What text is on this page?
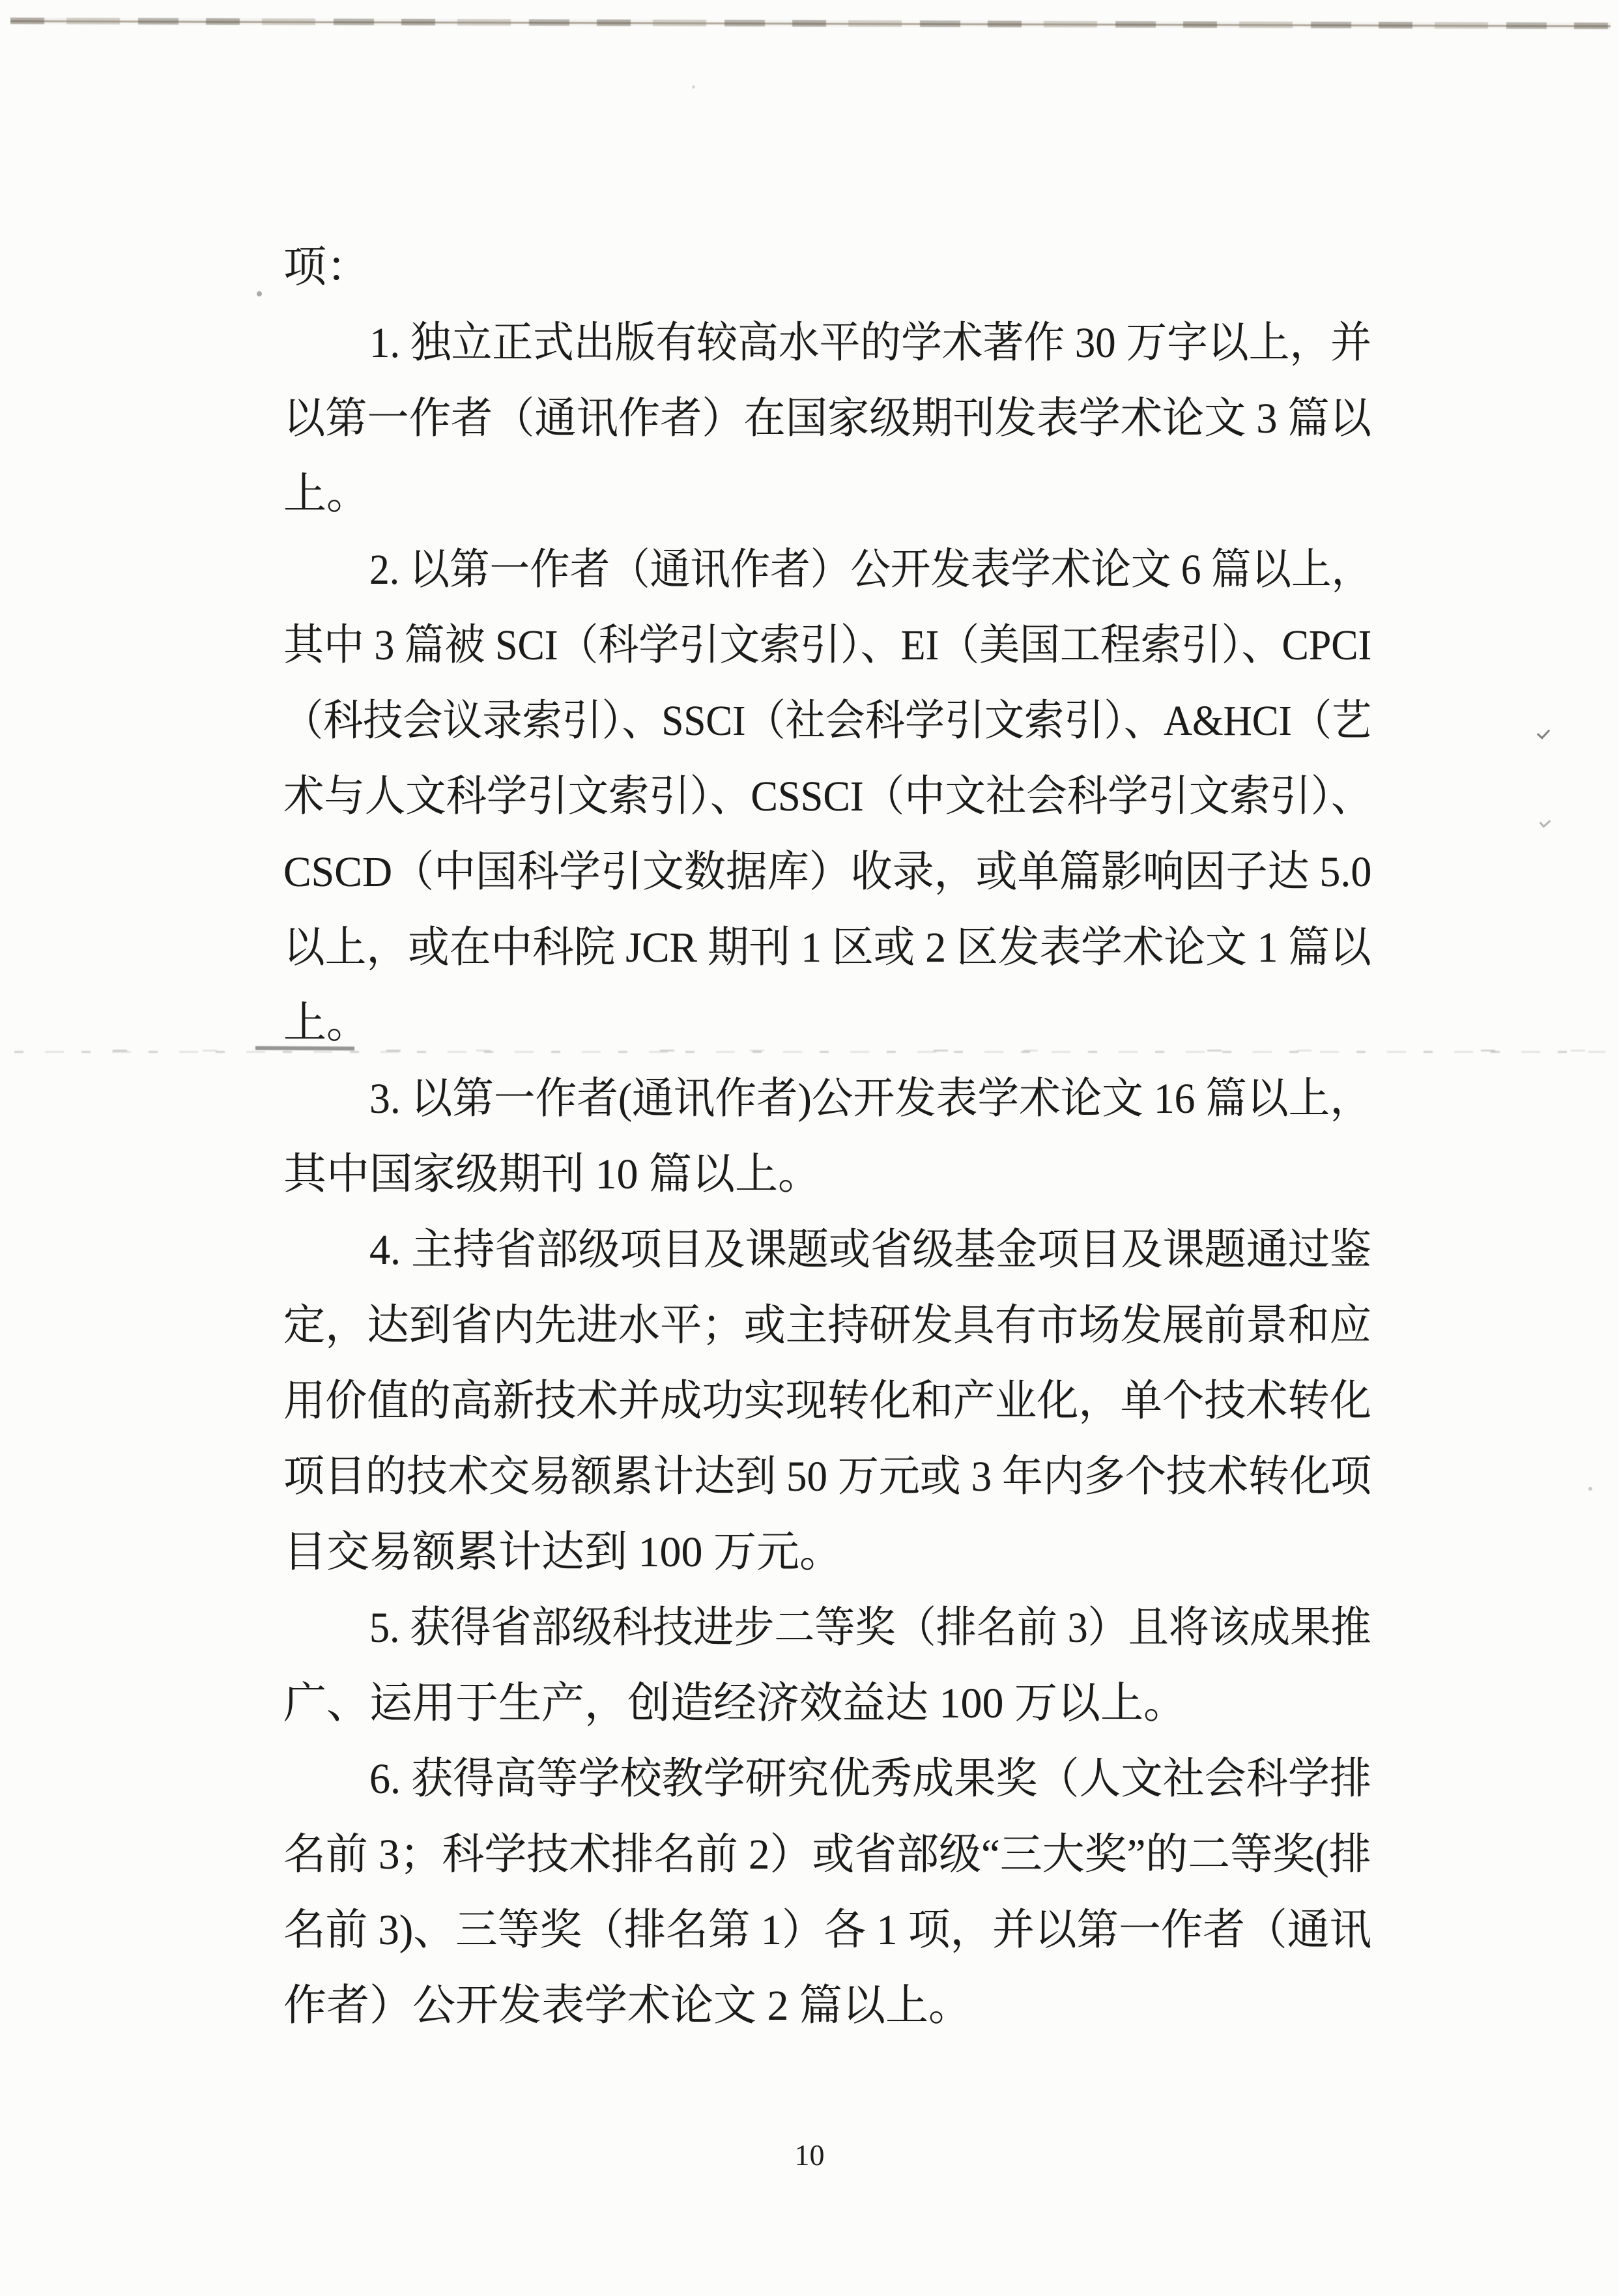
项：
1. 独立正式出版有较高水平的学术著作 30 万字以上，并
以第一作者（通讯作者）在国家级期刊发表学术论文 3 篇以
上。
2. 以第一作者（通讯作者）公开发表学术论文 6 篇以上，
其中 3 篇被 SCI（科学引文索引）、EI（美国工程索引）、CPCI
（科技会议录索引）、SSCI（社会科学引文索引）、A&HCI（艺
术与人文科学引文索引）、CSSCI（中文社会科学引文索引）、
CSCD（中国科学引文数据库）收录，或单篇影响因子达 5.0
以上，或在中科院 JCR 期刊 1 区或 2 区发表学术论文 1 篇以
上。
3. 以第一作者(通讯作者)公开发表学术论文 16 篇以上，
其中国家级期刊 10 篇以上。
4. 主持省部级项目及课题或省级基金项目及课题通过鉴
定，达到省内先进水平；或主持研发具有市场发展前景和应
用价值的高新技术并成功实现转化和产业化，单个技术转化
项目的技术交易额累计达到 50 万元或 3 年内多个技术转化项
目交易额累计达到 100 万元。
5. 获得省部级科技进步二等奖（排名前 3）且将该成果推
广、运用于生产，创造经济效益达 100 万以上。
6. 获得高等学校教学研究优秀成果奖（人文社会科学排
名前 3；科学技术排名前 2）或省部级“三大奖”的二等奖(排
名前 3)、三等奖（排名第 1）各 1 项，并以第一作者（通讯
作者）公开发表学术论文 2 篇以上。
10
